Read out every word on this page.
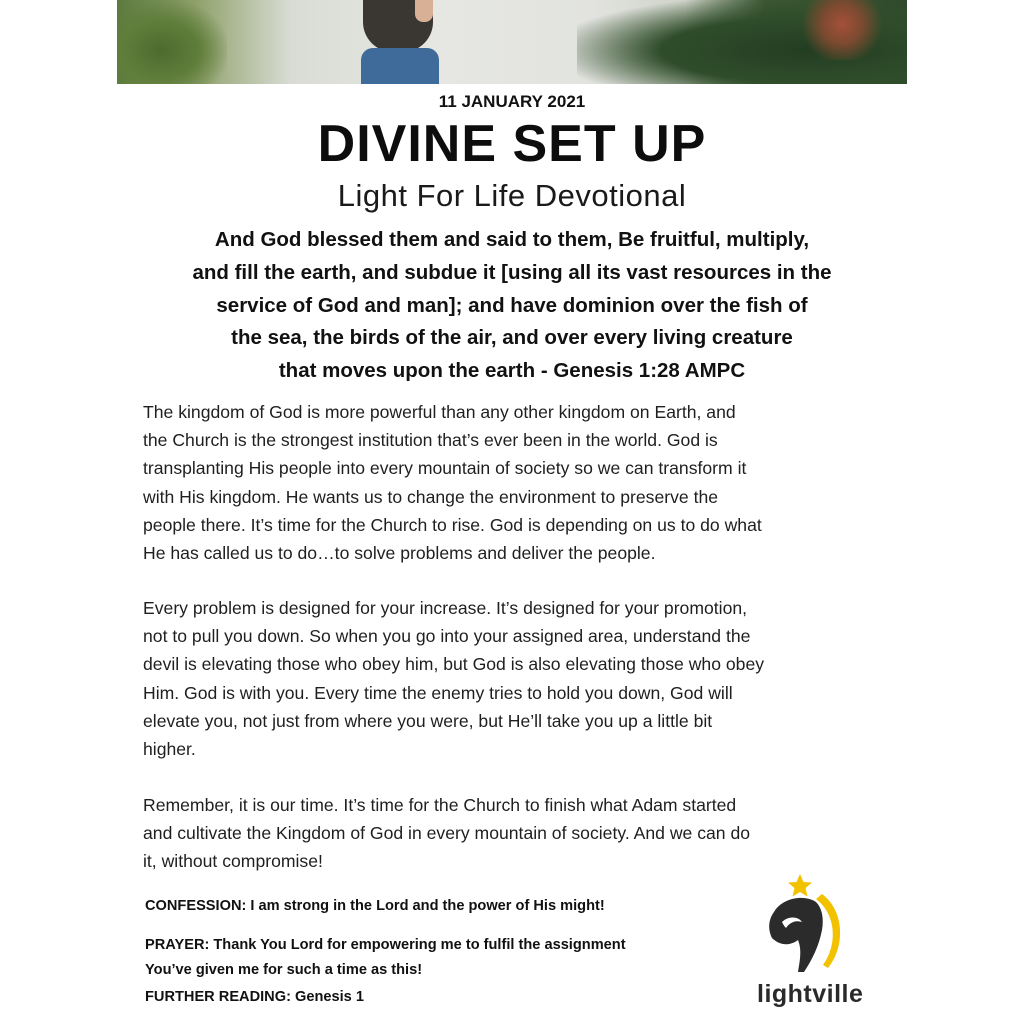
11 JANUARY 2021
DIVINE SET UP
Light For Life Devotional

And God blessed them and said to them, Be fruitful, multiply,
and fill the earth, and subdue it [using all its vast resources in the
service of God and man]; and have dominion over the fish of
the sea, the birds of the air, and over every living creature
that moves upon the earth - Genesis 1:28 AMPC

The kingdom of God is more powerful than any other kingdom on Earth, and
the Church is the strongest institution that’s ever been in the world. God is
transplanting His people into every mountain of society so we can transform it
with His kingdom. He wants us to change the environment to preserve the
people there. It’s time for the Church to rise. God is depending on us to do what
He has called us to do…to solve problems and deliver the people.

Every problem is designed for your increase. It’s designed for your promotion,
not to pull you down. So when you go into your assigned area, understand the
devil is elevating those who obey him, but God is also elevating those who obey
Him. God is with you. Every time the enemy tries to hold you down, God will
elevate you, not just from where you were, but He’ll take you up a little bit
higher.

Remember, it is our time. It’s time for the Church to finish what Adam started
and cultivate the Kingdom of God in every mountain of society. And we can do
it, without compromise!

CONFESSION: I am strong in the Lord and the power of His might!

PRAYER: Thank You Lord for empowering me to fulfil the assignment
You’ve given me for such a time as this!

FURTHER READING: Genesis 1	lightville
